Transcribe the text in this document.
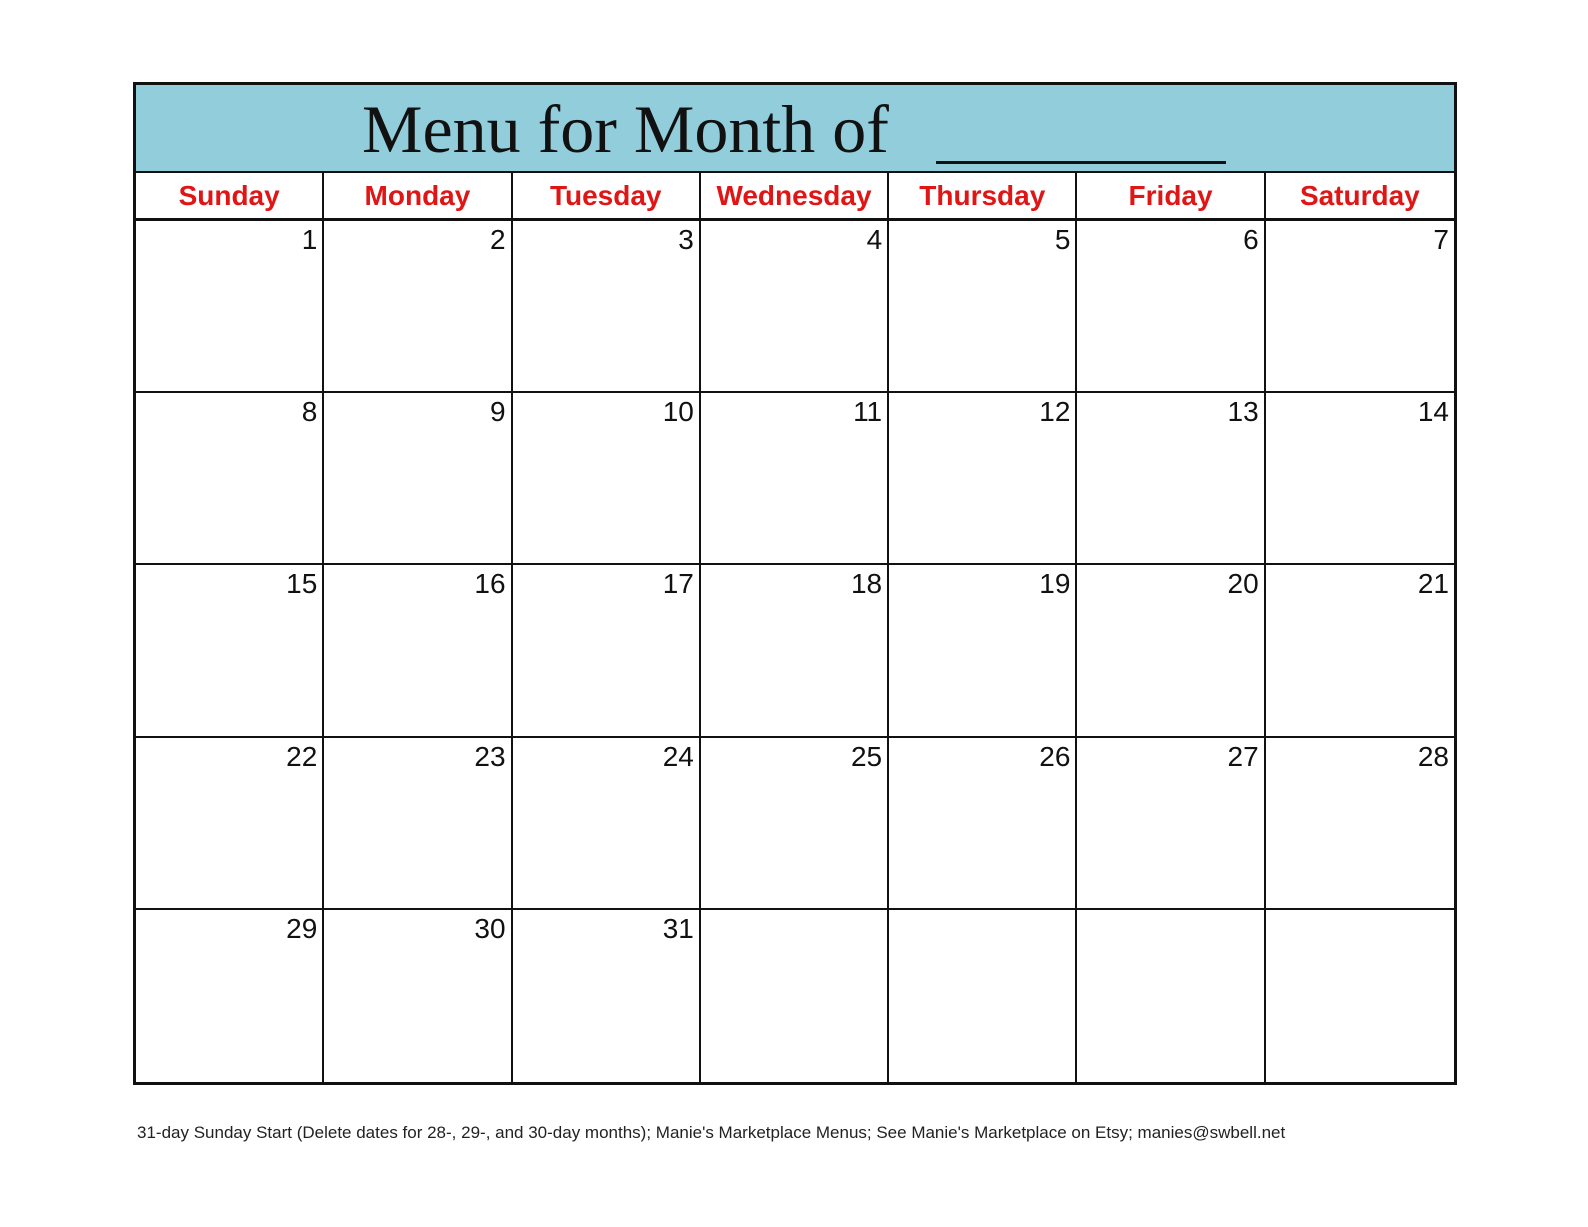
Menu for Month of
Sunday	Monday	Tuesday	Wednesday	Thursday	Friday	Saturday
1	2	3	4	5	6	7
8	9	10	11	12	13	14
15	16	17	18	19	20	21
22	23	24	25	26	27	28
29	30	31
31-day Sunday Start (Delete dates for 28-, 29-, and 30-day months); Manie's Marketplace Menus; See Manie's Marketplace on Etsy; manies@swbell.net
